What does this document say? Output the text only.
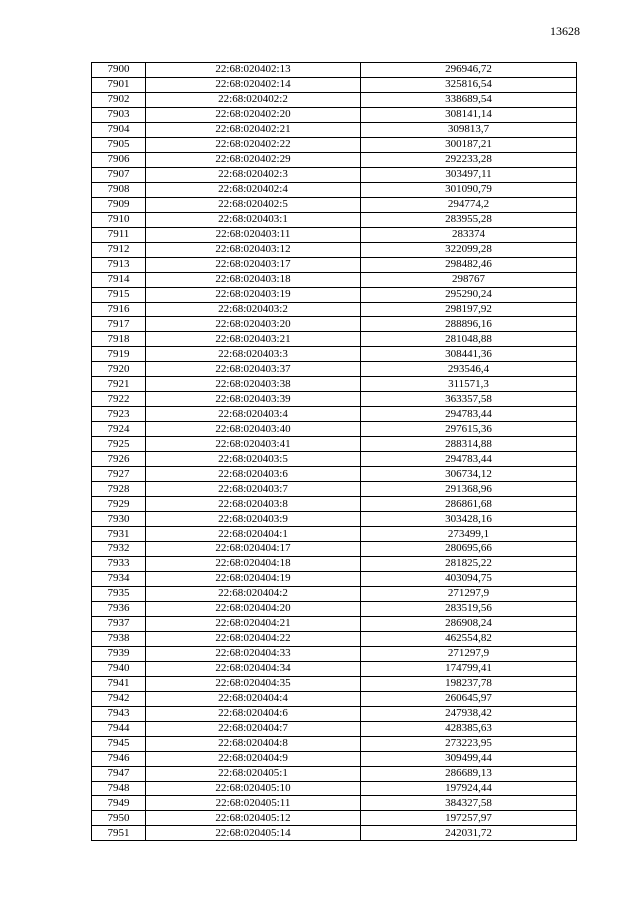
13628
7900	22:68:020402:13	296946,72
7901	22:68:020402:14	325816,54
7902	22:68:020402:2	338689,54
7903	22:68:020402:20	308141,14
7904	22:68:020402:21	309813,7
7905	22:68:020402:22	300187,21
7906	22:68:020402:29	292233,28
7907	22:68:020402:3	303497,11
7908	22:68:020402:4	301090,79
7909	22:68:020402:5	294774,2
7910	22:68:020403:1	283955,28
7911	22:68:020403:11	283374
7912	22:68:020403:12	322099,28
7913	22:68:020403:17	298482,46
7914	22:68:020403:18	298767
7915	22:68:020403:19	295290,24
7916	22:68:020403:2	298197,92
7917	22:68:020403:20	288896,16
7918	22:68:020403:21	281048,88
7919	22:68:020403:3	308441,36
7920	22:68:020403:37	293546,4
7921	22:68:020403:38	311571,3
7922	22:68:020403:39	363357,58
7923	22:68:020403:4	294783,44
7924	22:68:020403:40	297615,36
7925	22:68:020403:41	288314,88
7926	22:68:020403:5	294783,44
7927	22:68:020403:6	306734,12
7928	22:68:020403:7	291368,96
7929	22:68:020403:8	286861,68
7930	22:68:020403:9	303428,16
7931	22:68:020404:1	273499,1
7932	22:68:020404:17	280695,66
7933	22:68:020404:18	281825,22
7934	22:68:020404:19	403094,75
7935	22:68:020404:2	271297,9
7936	22:68:020404:20	283519,56
7937	22:68:020404:21	286908,24
7938	22:68:020404:22	462554,82
7939	22:68:020404:33	271297,9
7940	22:68:020404:34	174799,41
7941	22:68:020404:35	198237,78
7942	22:68:020404:4	260645,97
7943	22:68:020404:6	247938,42
7944	22:68:020404:7	428385,63
7945	22:68:020404:8	273223,95
7946	22:68:020404:9	309499,44
7947	22:68:020405:1	286689,13
7948	22:68:020405:10	197924,44
7949	22:68:020405:11	384327,58
7950	22:68:020405:12	197257,97
7951	22:68:020405:14	242031,72
